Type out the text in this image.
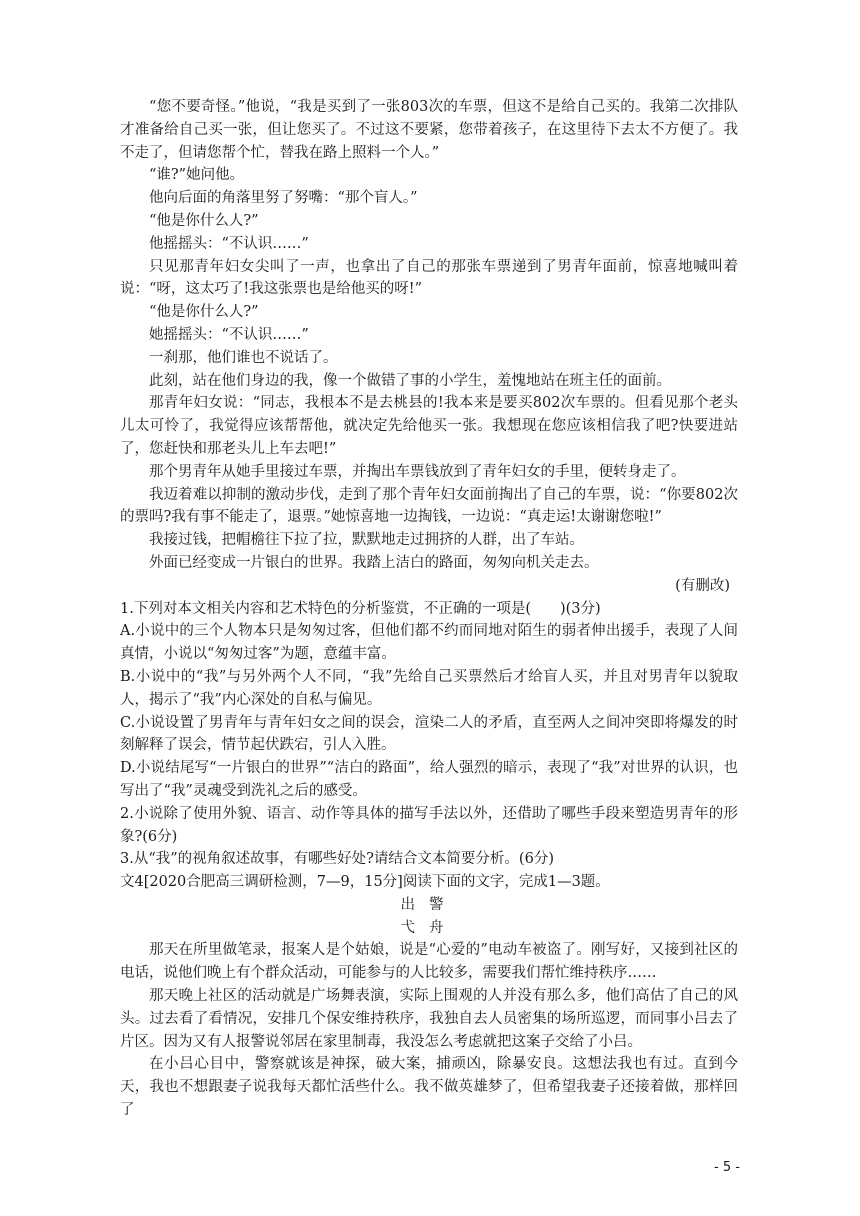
“您不要奇怪。”他说，“我是买到了一张803次的车票，但这不是给自己买的。我第二次排队才准备给自己买一张，但让您买了。不过这不要紧，您带着孩子，在这里待下去太不方便了。我不走了，但请您帮个忙，替我在路上照料一个人。”

“谁?”她问他。

他向后面的角落里努了努嘴：“那个盲人。”

“他是你什么人?”

他摇摇头：“不认识……”

只见那青年妇女尖叫了一声，也拿出了自己的那张车票递到了男青年面前，惊喜地喊叫着说：“呀，这太巧了!我这张票也是给他买的呀!”

“他是你什么人?”

她摇摇头：“不认识……”

一刹那，他们谁也不说话了。

此刻，站在他们身边的我，像一个做错了事的小学生，羞愧地站在班主任的面前。

那青年妇女说：“同志，我根本不是去桃县的!我本来是要买802次车票的。但看见那个老头儿太可怜了，我觉得应该帮帮他，就决定先给他买一张。我想现在您应该相信我了吧?快要进站了，您赶快和那老头儿上车去吧!”

那个男青年从她手里接过车票，并掏出车票钱放到了青年妇女的手里，便转身走了。

我迈着难以抑制的激动步伐，走到了那个青年妇女面前掏出了自己的车票，说：“你要802次的票吗?我有事不能走了，退票。”她惊喜地一边掏钱，一边说：“真走运!太谢谢您啦!”

我接过钱，把帽檐往下拉了拉，默默地走过拥挤的人群，出了车站。

外面已经变成一片银白的世界。我踏上洁白的路面，匆匆向机关走去。

(有删改)

1.下列对本文相关内容和艺术特色的分析鉴赏，不正确的一项是(　　)(3分)

A.小说中的三个人物本只是匆匆过客，但他们都不约而同地对陌生的弱者伸出援手，表现了人间真情，小说以“匆匆过客”为题，意蕴丰富。

B.小说中的“我”与另外两个人不同，“我”先给自己买票然后才给盲人买，并且对男青年以貌取人，揭示了“我”内心深处的自私与偏见。

C.小说设置了男青年与青年妇女之间的误会，渲染二人的矛盾，直至两人之间冲突即将爆发的时刻解释了误会，情节起伏跌宕，引人入胜。

D.小说结尾写“一片银白的世界”“洁白的路面”，给人强烈的暗示，表现了“我”对世界的认识，也写出了“我”灵魂受到洗礼之后的感受。

2.小说除了使用外貌、语言、动作等具体的描写手法以外，还借助了哪些手段来塑造男青年的形象?(6分)

3.从“我”的视角叙述故事，有哪些好处?请结合文本简要分析。(6分)

文4[2020合肥高三调研检测，7—9，15分]阅读下面的文字，完成1—3题。

出警

弋舟

那天在所里做笔录，报案人是个姑娘，说是“心爱的”电动车被盗了。刚写好，又接到社区的电话，说他们晚上有个群众活动，可能参与的人比较多，需要我们帮忙维持秩序……

那天晚上社区的活动就是广场舞表演，实际上围观的人并没有那么多，他们高估了自己的风头。过去看了看情况，安排几个保安维持秩序，我独自去人员密集的场所巡逻，而同事小吕去了片区。因为又有人报警说邻居在家里制毒，我没怎么考虑就把这案子交给了小吕。

在小吕心目中，警察就该是神探，破大案，捕顽凶，除暴安良。这想法我也有过。直到今天，我也不想跟妻子说我每天都忙活些什么。我不做英雄梦了，但希望我妻子还接着做，那样回了

- 5 -
